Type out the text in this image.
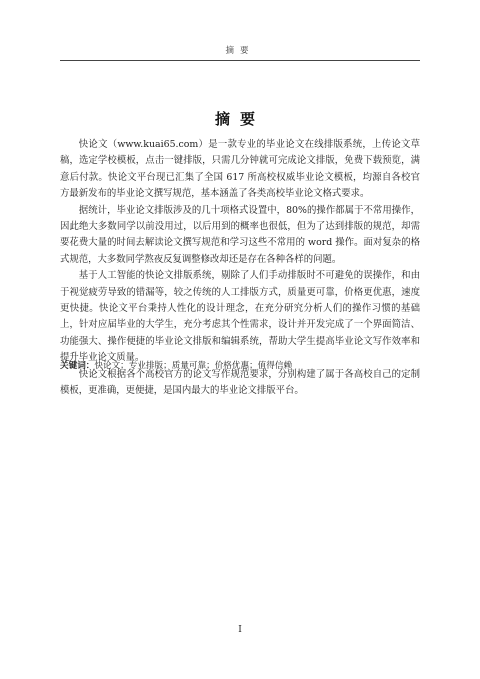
摘要
摘要

快论文（www.kuai65.com）是一款专业的毕业论文在线排版系统，上传论文草稿，选定学校模板，点击一键排版，只需几分钟就可完成论文排版，免费下载预览，满意后付款。快论文平台现已汇集了全国 617 所高校权威毕业论文模板，均源自各校官方最新发布的毕业论文撰写规范，基本涵盖了各类高校毕业论文格式要求。

据统计，毕业论文排版涉及的几十项格式设置中，80%的操作都属于不常用操作，因此绝大多数同学以前没用过，以后用到的概率也很低，但为了达到排版的规范，却需要花费大量的时间去解读论文撰写规范和学习这些不常用的 word 操作。面对复杂的格式规范，大多数同学熬夜反复调整修改却还是存在各种各样的问题。

基于人工智能的快论文排版系统，剔除了人们手动排版时不可避免的误操作，和由于视觉疲劳导致的错漏等，较之传统的人工排版方式，质量更可靠，价格更优惠，速度更快捷。快论文平台秉持人性化的设计理念，在充分研究分析人们的操作习惯的基础上，针对应届毕业的大学生，充分考虑其个性需求，设计并开发完成了一个界面简洁、功能强大、操作便捷的毕业论文排版和编辑系统，帮助大学生提高毕业论文写作效率和提升毕业论文质量。

快论文根据各个高校官方的论文写作规范要求，分别构建了属于各高校自己的定制模板，更准确，更便捷，是国内最大的毕业论文排版平台。

关键词：快论文；专业排版；质量可靠；价格优惠；值得信赖
I
